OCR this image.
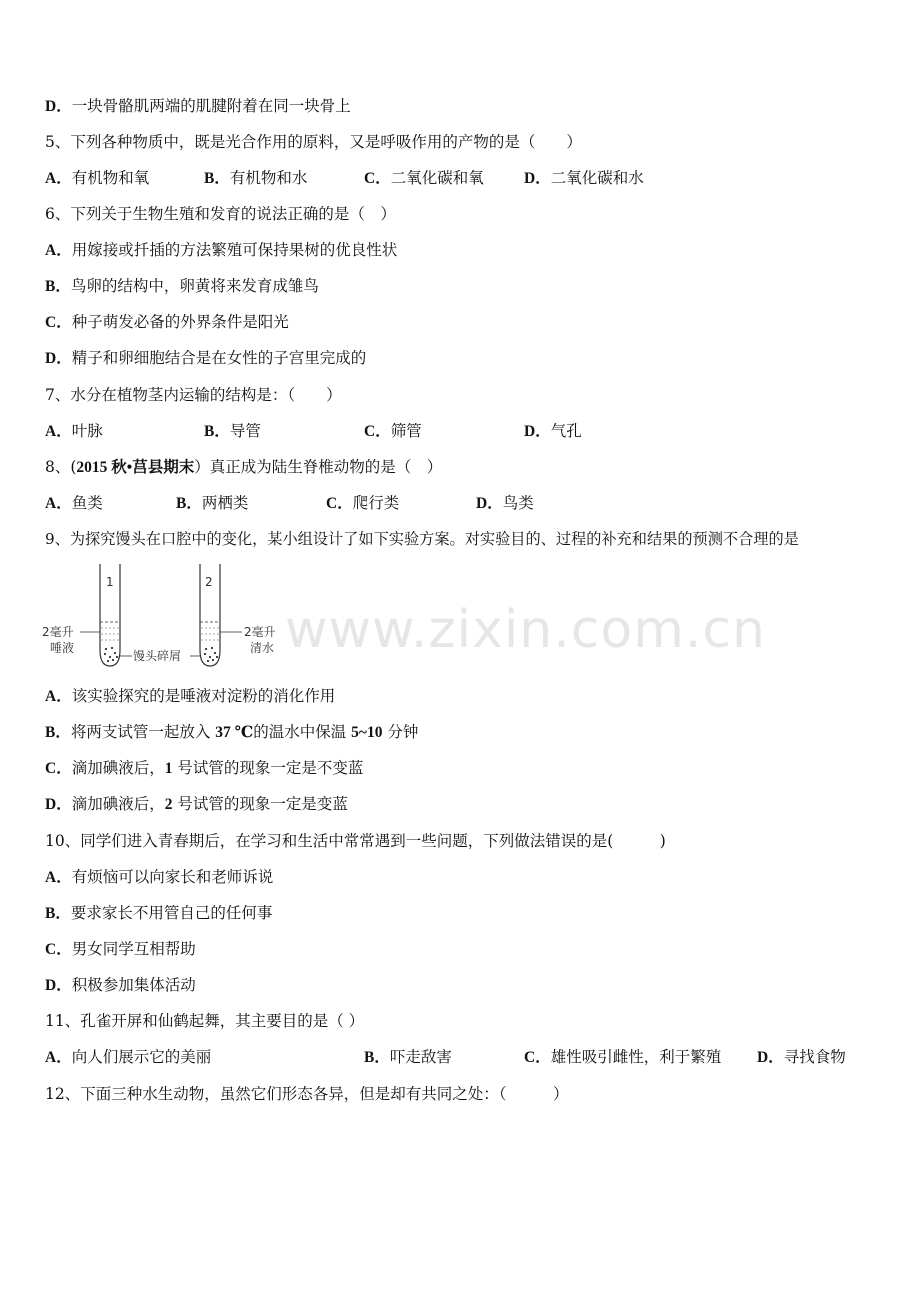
D．一块骨骼肌两端的肌腱附着在同一块骨上
5、下列各种物质中，既是光合作用的原料，又是呼吸作用的产物的是（　　）
A．有机物和氧	B．有机物和水	C．二氧化碳和氧	D．二氧化碳和水
6、下列关于生物生殖和发育的说法正确的是（　）
A．用嫁接或扦插的方法繁殖可保持果树的优良性状
B．鸟卵的结构中，卵黄将来发育成雏鸟
C．种子萌发必备的外界条件是阳光
D．精子和卵细胞结合是在女性的子宫里完成的
7、水分在植物茎内运输的结构是：（　　）
A．叶脉	B．导管	C．筛管	D．气孔
8、(2015 秋•莒县期末）真正成为陆生脊椎动物的是（　）
A．鱼类	B．两栖类	C．爬行类	D．鸟类
9、为探究馒头在口腔中的变化，某小组设计了如下实验方案。对实验目的、过程的补充和结果的预测不合理的是
www.zixin.com.cn
1	2
2毫升
唾液
2毫升
清水
馒头碎屑
A．该实验探究的是唾液对淀粉的消化作用
B．将两支试管一起放入 37 ℃的温水中保温 5~10 分钟
C．滴加碘液后，1 号试管的现象一定是不变蓝
D．滴加碘液后，2 号试管的现象一定是变蓝
10、同学们进入青春期后，在学习和生活中常常遇到一些问题，下列做法错误的是(　　　)
A．有烦恼可以向家长和老师诉说
B．要求家长不用管自己的任何事
C．男女同学互相帮助
D．积极参加集体活动
11、孔雀开屏和仙鹤起舞，其主要目的是（ ）
A．向人们展示它的美丽	B．吓走敌害	C．雄性吸引雌性，利于繁殖 D．寻找食物
12、下面三种水生动物，虽然它们形态各异，但是却有共同之处：（　　　）
